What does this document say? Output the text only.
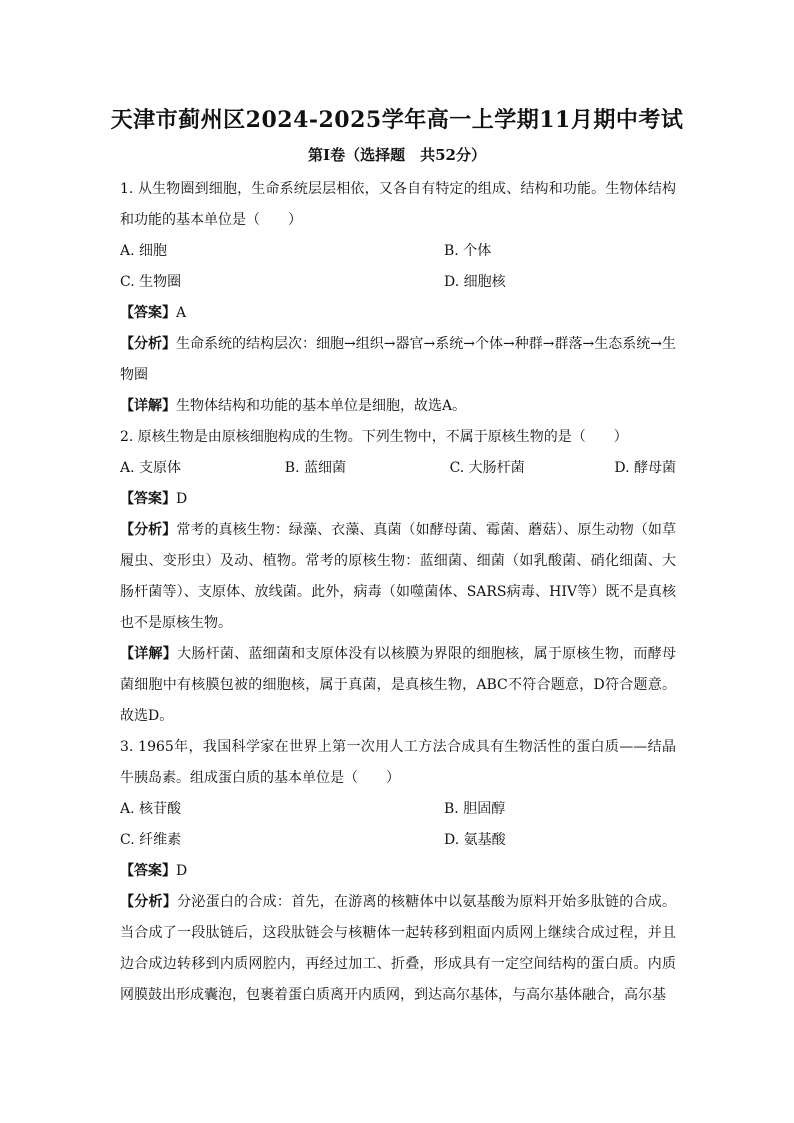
天津市蓟州区2024-2025学年高一上学期11月期中考试
第Ⅰ卷（选择题　共52分）

1. 从生物圈到细胞，生命系统层层相依，又各自有特定的组成、结构和功能。生物体结构和功能的基本单位是（　　）

A. 细胞	B. 个体
C. 生物圈	D. 细胞核

【答案】A

【分析】生命系统的结构层次：细胞→组织→器官→系统→个体→种群→群落→生态系统→生物圈

【详解】生物体结构和功能的基本单位是细胞，故选A。

2. 原核生物是由原核细胞构成的生物。下列生物中，不属于原核生物的是（　　）

A. 支原体	B. 蓝细菌	C. 大肠杆菌	D. 酵母菌

【答案】D

【分析】常考的真核生物：绿藻、衣藻、真菌（如酵母菌、霉菌、蘑菇）、原生动物（如草履虫、变形虫）及动、植物。常考的原核生物：蓝细菌、细菌（如乳酸菌、硝化细菌、大肠杆菌等）、支原体、放线菌。此外，病毒（如噬菌体、SARS病毒、HIV等）既不是真核也不是原核生物。

【详解】大肠杆菌、蓝细菌和支原体没有以核膜为界限的细胞核，属于原核生物，而酵母菌细胞中有核膜包被的细胞核，属于真菌，是真核生物，ABC不符合题意，D符合题意。故选D。

3. 1965年，我国科学家在世界上第一次用人工方法合成具有生物活性的蛋白质——结晶牛胰岛素。组成蛋白质的基本单位是（　　）

A. 核苷酸	B. 胆固醇
C. 纤维素	D. 氨基酸

【答案】D

【分析】分泌蛋白的合成：首先，在游离的核糖体中以氨基酸为原料开始多肽链的合成。当合成了一段肽链后，这段肽链会与核糖体一起转移到粗面内质网上继续合成过程，并且边合成边转移到内质网腔内，再经过加工、折叠，形成具有一定空间结构的蛋白质。内质网膜鼓出形成囊泡，包裹着蛋白质离开内质网，到达高尔基体，与高尔基体融合，高尔基
